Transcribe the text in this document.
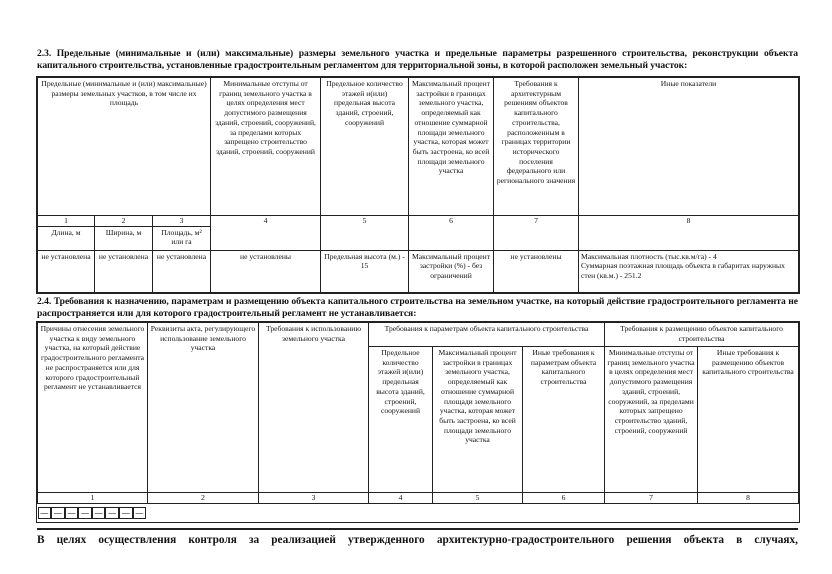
2.3. Предельные (минимальные и (или) максимальные) размеры земельного участка и предельные параметры разрешенного строительства, реконструкции объекта капитального строительства, установленные градостроительным регламентом для территориальной зоны, в которой расположен земельный участок:
Предельные (минимальные и (или) максимальные) размеры земельных участков, в том числе их площадь			Минимальные отступы от границ земельного участка в целях определения мест допустимого размещения зданий, строений, сооружений, за пределами которых запрещено строительство зданий, строений, сооружений	Предельное количество этажей и(или) предельная высота зданий, строений, сооружений	Максимальный процент застройки в границах земельного участка, определяемый как отношение суммарной площади земельного участка, которая может быть застроена, ко всей площади земельного участка	Требования к архитектурным решениям объектов капитального строительства, расположенным в границах территории исторического поселения федерального или регионального значения	Иные показатели
1	2	3	4	5	6	7	8
Длина, м	Ширина, м	Площадь, м² или га					
не установлена	не установлена	не установлена	не установлены	Предельная высота (м.) - 15	Максимальный процент застройки (%) - без ограничений	не установлены	Максимальная плотность (тыс.кв.м/га) - 4
Суммарная поэтажная площадь объекта в габаритах наружных стен (кв.м.) - 251.2
2.4. Требования к назначению, параметрам и размещению объекта капитального строительства на земельном участке, на который действие градостроительного регламента не распространяется или для которого градостроительный регламент не устанавливается:
Причины отнесения земельного участка к виду земельного участка, на который действие градостроительного регламента не распространяется или для которого градостроительный регламент не устанавливается	Реквизиты акта, регулирующего использование земельного участка	Требования к использованию земельного участка	Требования к параметрам объекта капитального строительства			Требования к размещению объектов капитального строительства	
			Предельное количество этажей и(или) предельная высота зданий, строений, сооружений	Максимальный процент застройки в границах земельного участка, определяемый как отношение суммарной площади земельного участка, которая может быть застроена, ко всей площади земельного участка	Иные требования к параметрам объекта капитального строительства	Минимальные отступы от границ земельного участка в целях определения мест допустимого размещения зданий, строений, сооружений, за пределами которых запрещено строительство зданий, строений, сооружений	Иные требования к размещению объектов капитального строительства
1	2	3	4	5	6	7	8
— — — — — — — —
В целях осуществления контроля за реализацией утвержденного архитектурно-градостроительного решения объекта в случаях,
